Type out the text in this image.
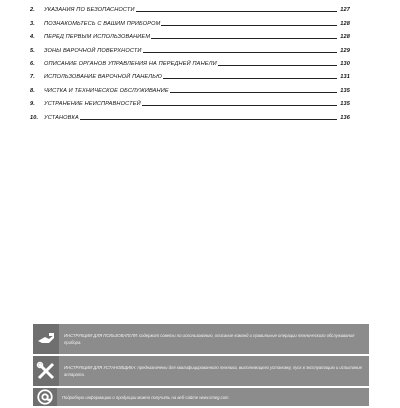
2.	УКАЗАНИЯ ПО БЕЗОПАСНОСТИ	127
3.	ПОЗНАКОМЬТЕСЬ С ВАШИМ ПРИБОРОМ	128
4.	ПЕРЕД ПЕРВЫМ ИСПОЛЬЗОВАНИЕМ	128
5.	ЗОНЫ ВАРОЧНОЙ ПОВЕРХНОСТИ	129
6.	ОПИСАНИЕ ОРГАНОВ УПРАВЛЕНИЯ НА ПЕРЕДНЕЙ ПАНЕЛИ	130
7.	ИСПОЛЬЗОВАНИЕ ВАРОЧНОЙ ПАНЕЛЬЮ	131
8.	ЧИСТКА И ТЕХНИЧЕСКОЕ ОБСЛУЖИВАНИЕ	135
9.	УСТРАНЕНИЕ НЕИСПРАВНОСТЕЙ	135
10.	УСТАНОВКА	136
ИНСТРУКЦИИ ДЛЯ ПОЛЬЗОВАТЕЛЯ: содержат советы по использованию, описание команд и правильные операции технического обслуживания прибора.
ИНСТРУКЦИИ ДЛЯ УСТАНОВЩИКА: предназначены для квалифицированного техника, выполняющего установку, пуск в эксплуатацию и испытание аппарата.
Подробную информацию о продукции можно получить на веб-сайте www.smeg.com
